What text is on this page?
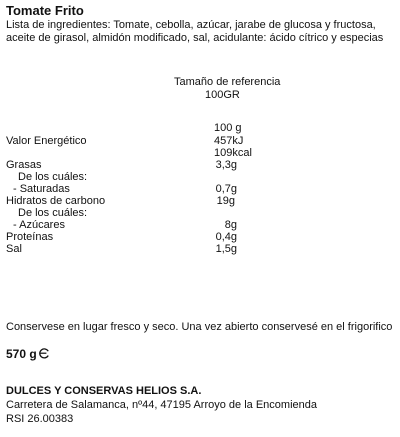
Tomate Frito
Lista de ingredientes: Tomate, cebolla, azúcar, jarabe de glucosa y fructosa,
aceite de girasol, almidón modificado, sal, acidulante: ácido cítrico y especias
Tamaño de referencia
100GR
100 g
Valor Energético	457kJ
109kcal
Grasas	3,3g
De los cuáles:
- Saturadas	0,7g
Hidratos de carbono	19g
De los cuáles:
- Azúcares	8g
Proteínas	0,4g
Sal	1,5g
Conservese en lugar fresco y seco. Una vez abierto conservesé en el frigorifico
570 g
DULCES Y CONSERVAS HELIOS S.A.
Carretera de Salamanca, nº44, 47195 Arroyo de la Encomienda
RSI 26.00383
